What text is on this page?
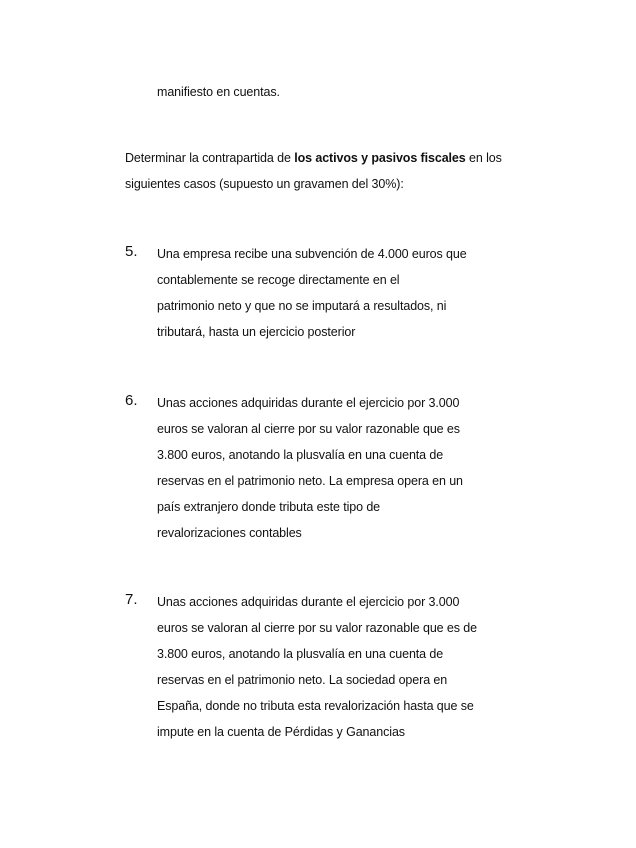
manifiesto en cuentas.
Determinar la contrapartida de los activos y pasivos fiscales en los
siguientes casos (supuesto un gravamen del 30%):
5. Una empresa recibe una subvención de 4.000 euros que
contablemente se recoge directamente en el
patrimonio neto y que no se imputará a resultados, ni
tributará, hasta un ejercicio posterior
6. Unas acciones adquiridas durante el ejercicio por 3.000
euros se valoran al cierre por su valor razonable que es
3.800 euros, anotando la plusvalía en una cuenta de
reservas en el patrimonio neto. La empresa opera en un
país extranjero donde tributa este tipo de
revalorizaciones contables
7. Unas acciones adquiridas durante el ejercicio por 3.000
euros se valoran al cierre por su valor razonable que es de
3.800 euros, anotando la plusvalía en una cuenta de
reservas en el patrimonio neto. La sociedad opera en
España, donde no tributa esta revalorización hasta que se
impute en la cuenta de Pérdidas y Ganancias
